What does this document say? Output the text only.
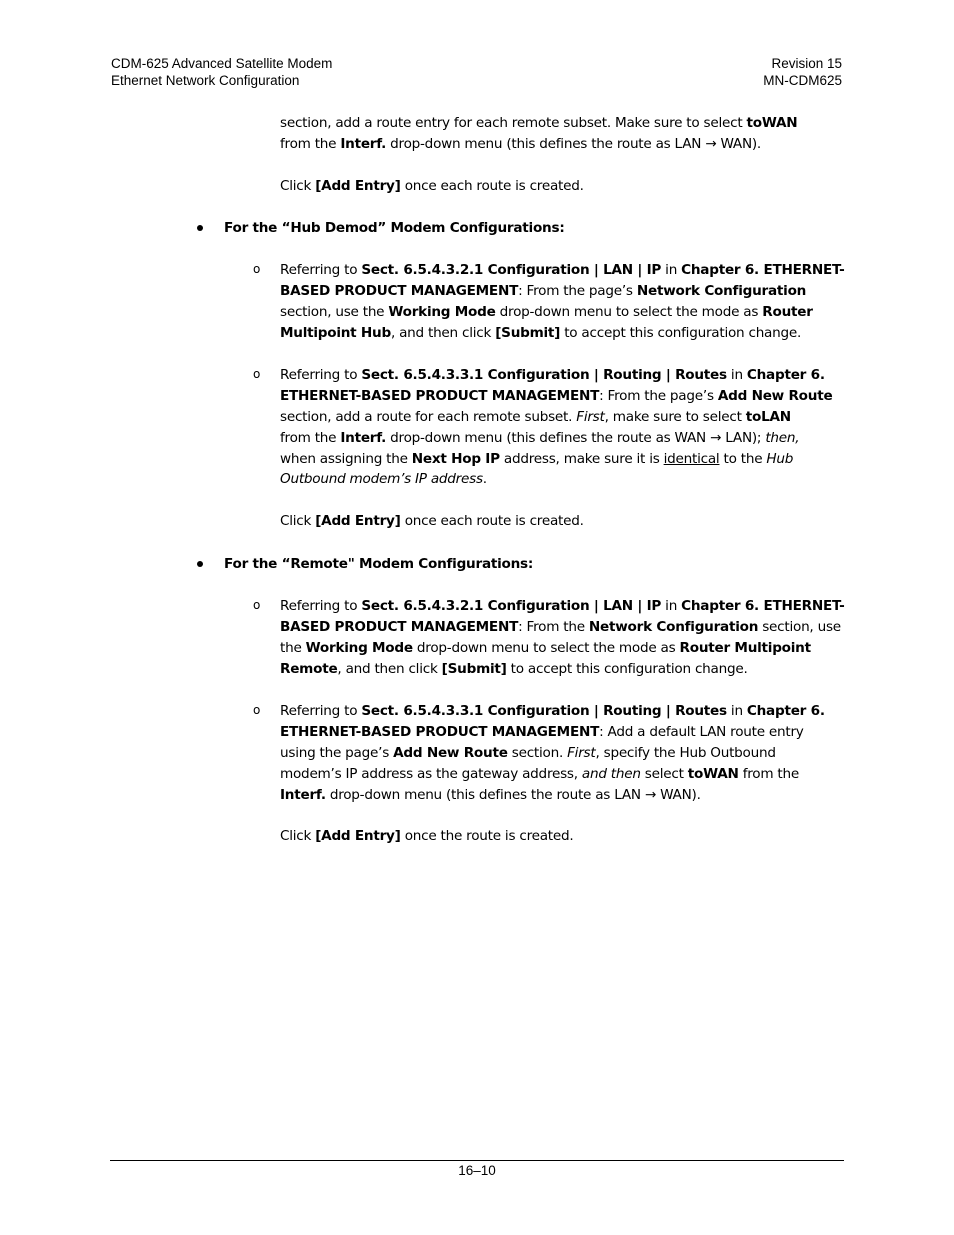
CDM-625 Advanced Satellite Modem
Ethernet Network Configuration
Revision 15
MN-CDM625
section, add a route entry for each remote subset. Make sure to select toWAN
from the Interf. drop-down menu (this defines the route as LAN → WAN).
Click [Add Entry] once each route is created.
For the “Hub Demod” Modem Configurations:
o Referring to Sect. 6.5.4.3.2.1 Configuration | LAN | IP in Chapter 6. ETHERNET-
BASED PRODUCT MANAGEMENT: From the page’s Network Configuration
section, use the Working Mode drop-down menu to select the mode as Router
Multipoint Hub, and then click [Submit] to accept this configuration change.
o Referring to Sect. 6.5.4.3.3.1 Configuration | Routing | Routes in Chapter 6.
ETHERNET-BASED PRODUCT MANAGEMENT: From the page’s Add New Route
section, add a route for each remote subset. First, make sure to select toLAN
from the Interf. drop-down menu (this defines the route as WAN → LAN); then,
when assigning the Next Hop IP address, make sure it is identical to the Hub
Outbound modem’s IP address.
Click [Add Entry] once each route is created.
For the “Remote" Modem Configurations:
o Referring to Sect. 6.5.4.3.2.1 Configuration | LAN | IP in Chapter 6. ETHERNET-
BASED PRODUCT MANAGEMENT: From the Network Configuration section, use
the Working Mode drop-down menu to select the mode as Router Multipoint
Remote, and then click [Submit] to accept this configuration change.
o Referring to Sect. 6.5.4.3.3.1 Configuration | Routing | Routes in Chapter 6.
ETHERNET-BASED PRODUCT MANAGEMENT: Add a default LAN route entry
using the page’s Add New Route section. First, specify the Hub Outbound
modem’s IP address as the gateway address, and then select toWAN from the
Interf. drop-down menu (this defines the route as LAN → WAN).
Click [Add Entry] once the route is created.
16–10
